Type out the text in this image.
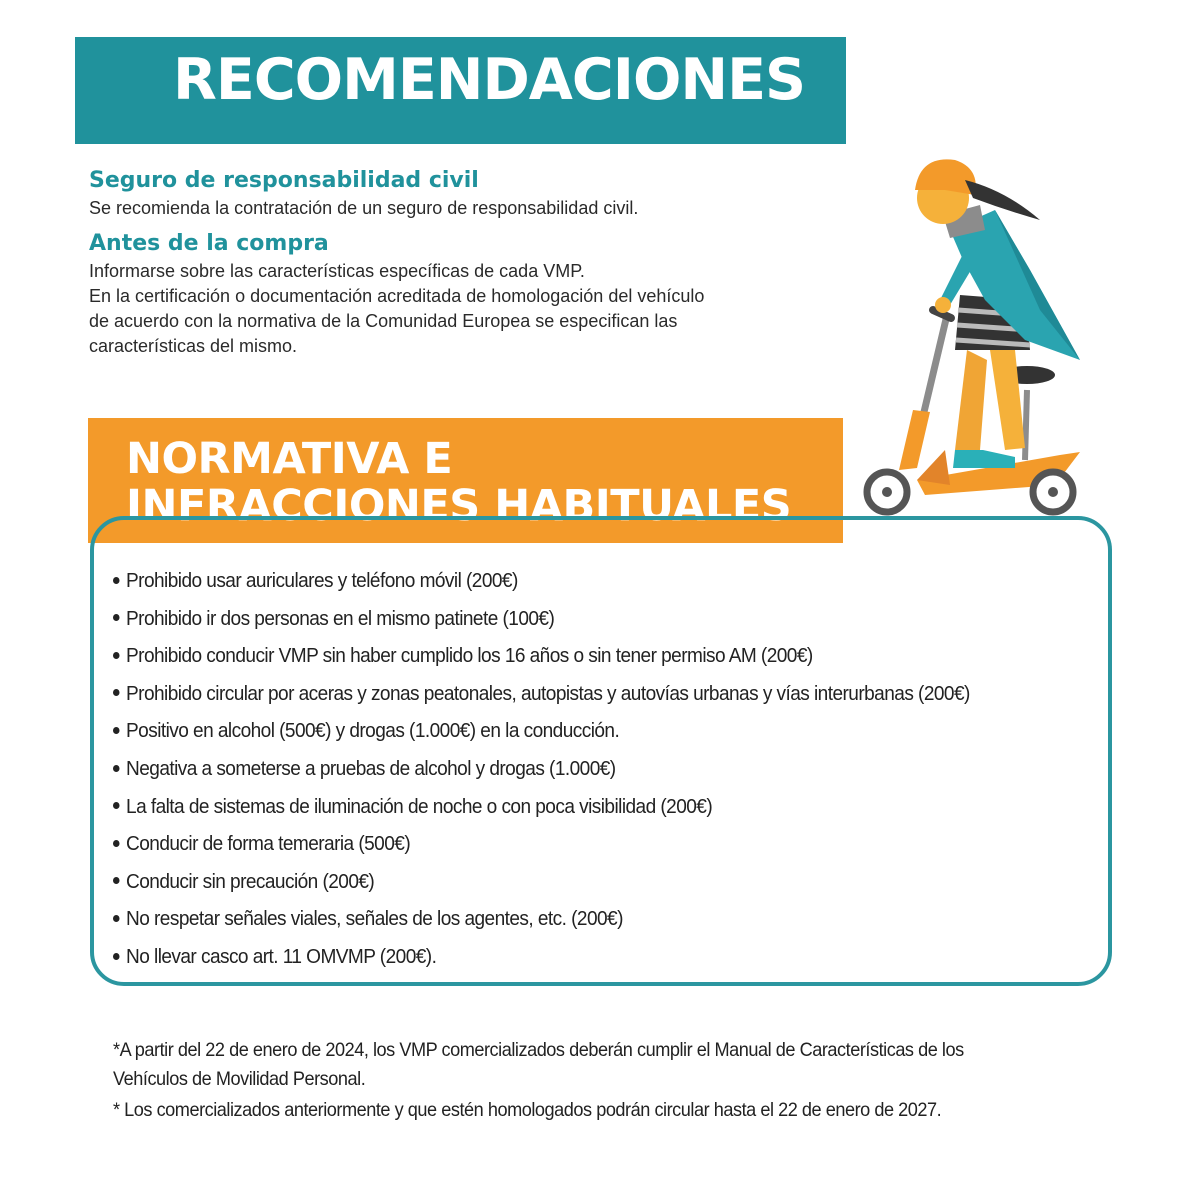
RECOMENDACIONES
Seguro de responsabilidad civil

Se recomienda la contratación de un seguro de responsabilidad civil.

Antes de la compra

Informarse sobre las características específicas de cada VMP.
En la certificación o documentación acreditada de homologación del vehículo
de acuerdo con la normativa de la Comunidad Europea se especifican las
características del mismo.

NORMATIVA E
INFRACCIONES HABITUALES
Prohibido usar auriculares y teléfono móvil (200€)
Prohibido ir dos personas en el mismo patinete (100€)
Prohibido conducir VMP sin haber cumplido los 16 años o sin tener permiso AM (200€)
Prohibido circular por aceras y zonas peatonales, autopistas y autovías urbanas y vías interurbanas (200€)
Positivo en alcohol (500€) y drogas (1.000€) en la conducción.
Negativa a someterse a pruebas de alcohol y drogas (1.000€)
La falta de sistemas de iluminación de noche o con poca visibilidad (200€)
Conducir de forma temeraria (500€)
Conducir sin precaución (200€)
No respetar señales viales, señales de los agentes, etc. (200€)
No llevar casco art. 11 OMVMP (200€).

*A partir del 22 de enero de 2024, los VMP comercializados deberán cumplir el Manual de Características de los Vehículos de Movilidad Personal.

* Los comercializados anteriormente y que estén homologados podrán circular hasta el 22 de enero de 2027.
